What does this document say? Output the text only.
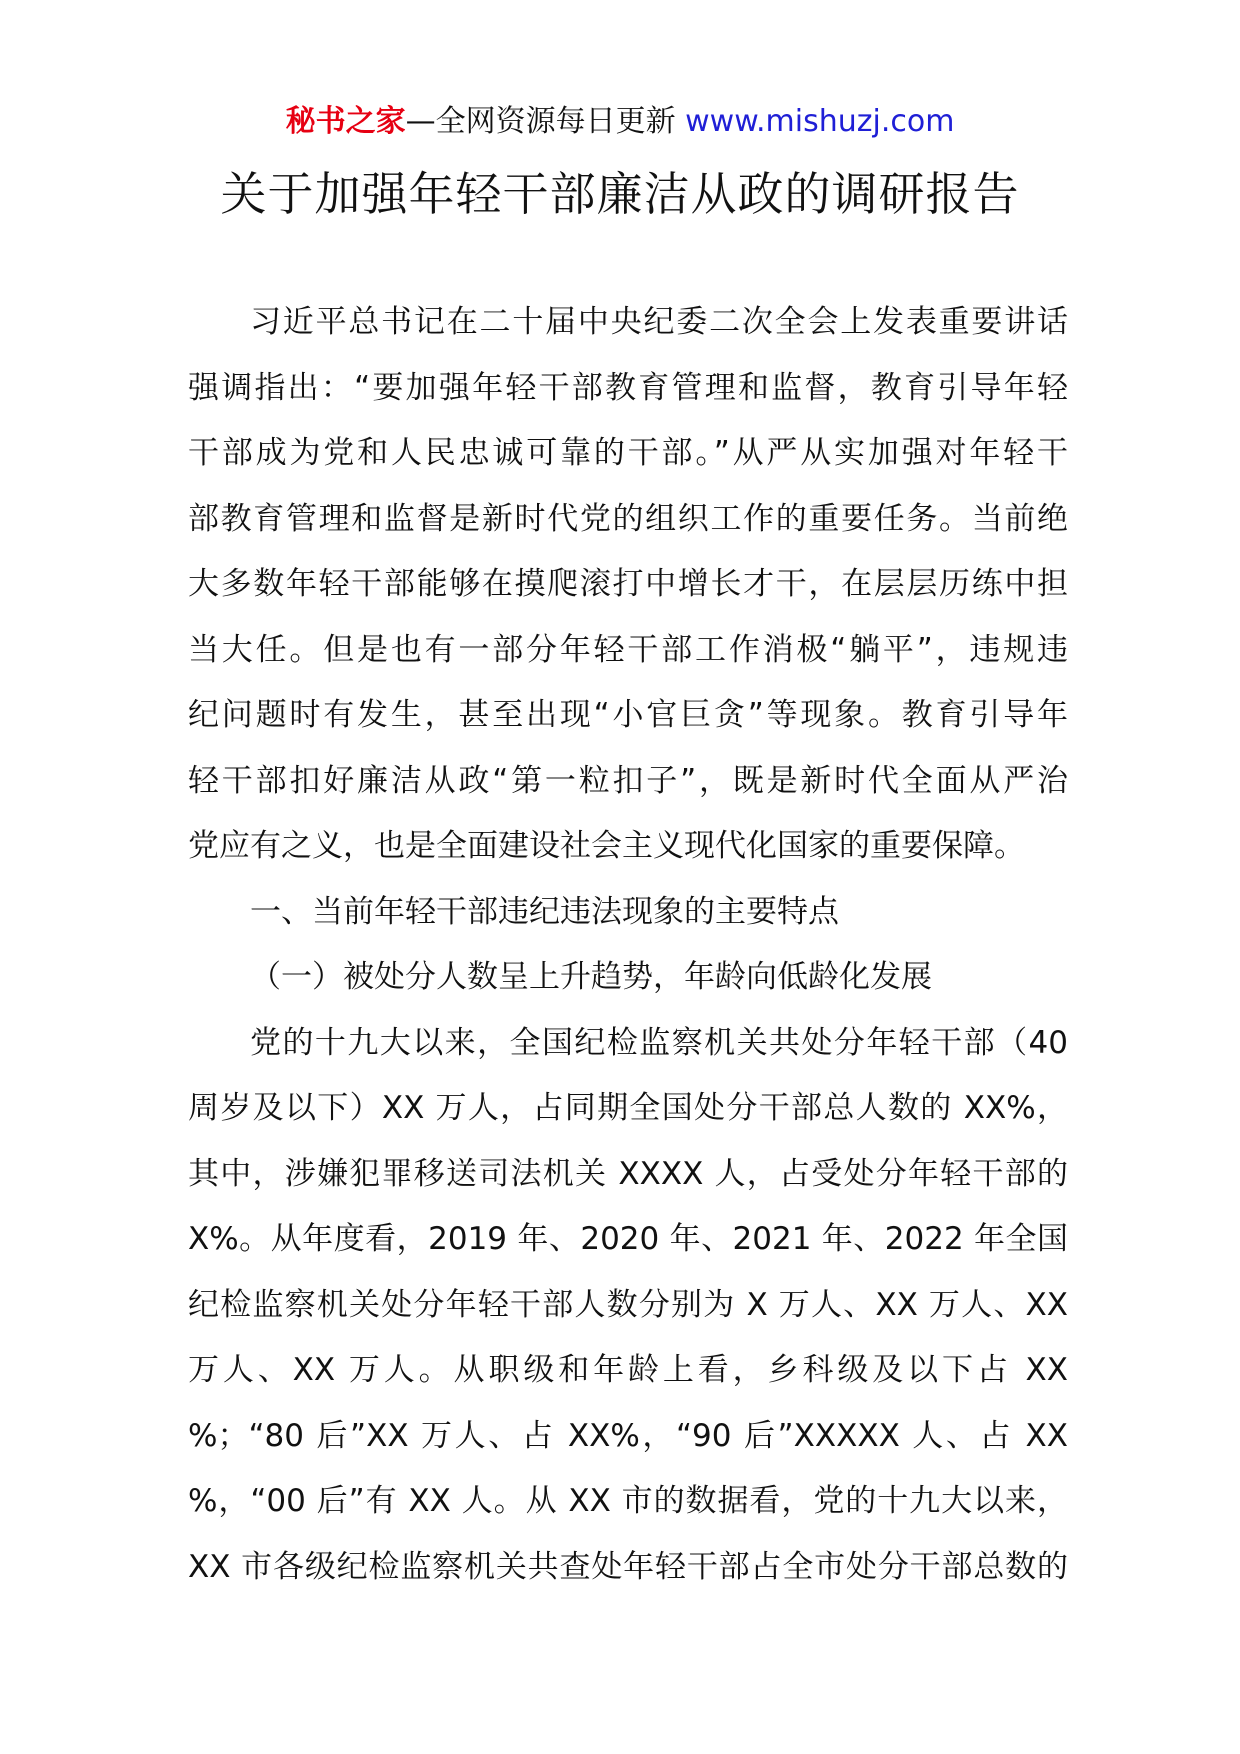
秘书之家—全网资源每日更新 www.mishuzj.com
关于加强年轻干部廉洁从政的调研报告
习近平总书记在二十届中央纪委二次全会上发表重要讲话
强调指出：“要加强年轻干部教育管理和监督，教育引导年轻
干部成为党和人民忠诚可靠的干部。”从严从实加强对年轻干
部教育管理和监督是新时代党的组织工作的重要任务。当前绝
大多数年轻干部能够在摸爬滚打中增长才干，在层层历练中担
当大任。但是也有一部分年轻干部工作消极“躺平”，违规违
纪问题时有发生，甚至出现“小官巨贪”等现象。教育引导年
轻干部扣好廉洁从政“第一粒扣子”，既是新时代全面从严治
党应有之义，也是全面建设社会主义现代化国家的重要保障。
一、当前年轻干部违纪违法现象的主要特点
（一）被处分人数呈上升趋势，年龄向低龄化发展
党的十九大以来，全国纪检监察机关共处分年轻干部（40
周岁及以下）XX 万人，占同期全国处分干部总人数的 XX%，
其中，涉嫌犯罪移送司法机关 XXXX 人，占受处分年轻干部的
X%。从年度看，2019 年、2020 年、2021 年、2022 年全国
纪检监察机关处分年轻干部人数分别为 X 万人、XX 万人、XX
万人、XX 万人。从职级和年龄上看，乡科级及以下占 XX
%；“80 后”XX 万人、占 XX%，“90 后”XXXXX 人、占 XX
%，“00 后”有 XX 人。从 XX 市的数据看，党的十九大以来，
XX 市各级纪检监察机关共查处年轻干部占全市处分干部总数的
